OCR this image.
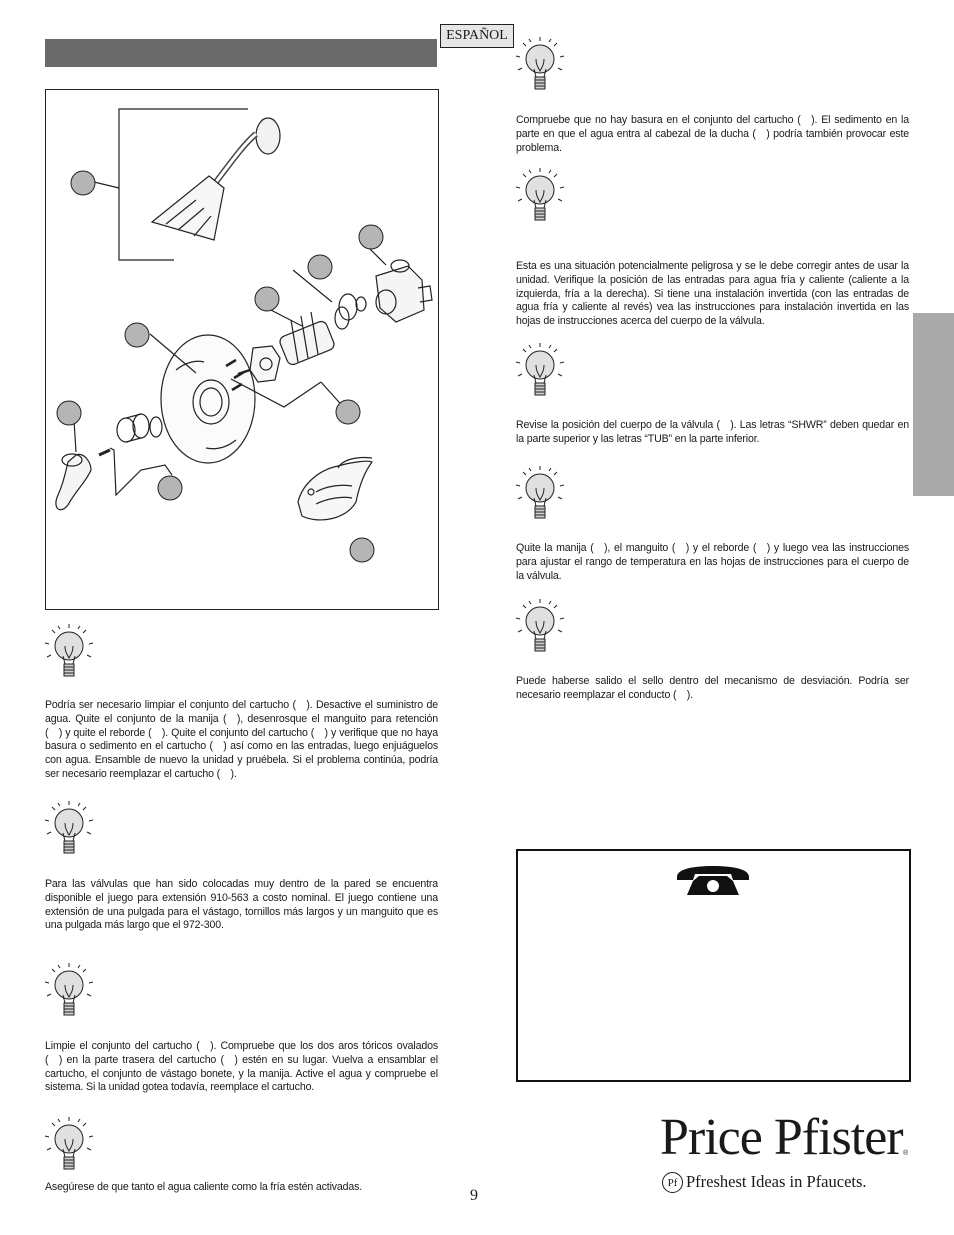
ESPAÑOL

Podría ser necesario limpiar el conjunto del cartucho ( ). Desactive el suministro de agua. Quite el conjunto de la manija ( ), desenrosque el manguito para retención ( ) y quite el reborde ( ). Quite el conjunto del cartucho ( ) y verifique que no haya basura o sedimento en el cartucho ( ) así como en las entradas, luego enjuáguelos con agua. Ensamble de nuevo la unidad y pruébela. Si el problema continúa, podría ser necesario reemplazar el cartucho ( ).

Para las válvulas que han sido colocadas muy dentro de la pared se encuentra disponible el juego para extensión 910-563 a costo nominal. El juego contiene una extensión de una pulgada para el vástago, tornillos más largos y un manguito que es una pulgada más largo que el 972-300.

Limpie el conjunto del cartucho ( ). Compruebe que los dos aros tóricos ovalados ( ) en la parte trasera del cartucho ( ) estén en su lugar. Vuelva a ensamblar el cartucho, el conjunto de vástago bonete, y la manija. Active el agua y compruebe el sistema. Si la unidad gotea todavía, reemplace el cartucho.

Asegúrese de que tanto el agua caliente como la fría estén activadas.

Compruebe que no hay basura en el conjunto del cartucho ( ). El sedimento en la parte en que el agua entra al cabezal de la ducha ( ) podría también provocar este problema.

Esta es una situación potencialmente peligrosa y se le debe corregir antes de usar la unidad. Verifique la posición de las entradas para agua fría y caliente (caliente a la izquierda, fría a la derecha). Si tiene una instalación invertida (con las entradas de agua fría y caliente al revés) vea las instrucciones para instalación invertida en las hojas de instrucciones acerca del cuerpo de la válvula.

Revise la posición del cuerpo de la válvula ( ). Las letras “SHWR” deben quedar en la parte superior y las letras “TUB” en la parte inferior.

Quite la manija ( ), el manguito ( ) y el reborde ( ) y luego vea las instrucciones para ajustar el rango de temperatura en las hojas de instrucciones para el cuerpo de la válvula.

Puede haberse salido el sello dentro del mecanismo de desviación. Podría ser necesario reemplazar el conducto ( ).

9
Price Pfister ®
Pf Pfreshest Ideas in Pfaucets.
